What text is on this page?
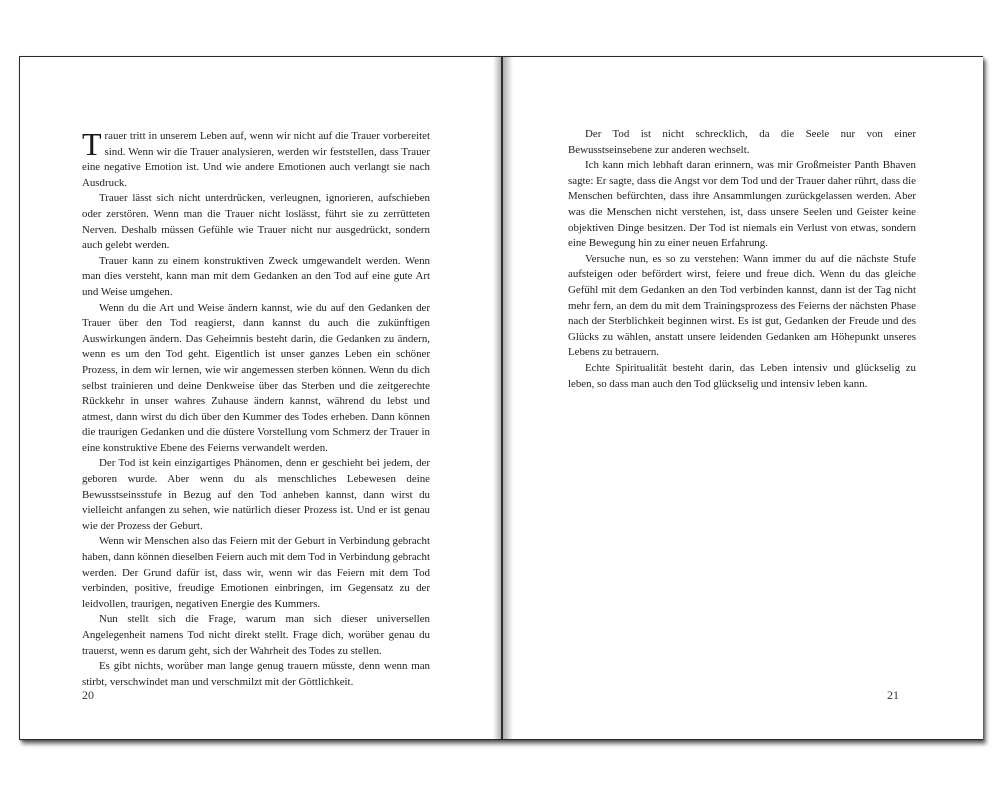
Trauer tritt in unserem Leben auf, wenn wir nicht auf die Trauer vorbereitet sind. Wenn wir die Trauer analysieren, werden wir feststellen, dass Trauer eine negative Emotion ist. Und wie andere Emotionen auch verlangt sie nach Ausdruck.

Trauer lässt sich nicht unterdrücken, verleugnen, ignorieren, aufschieben oder zerstören. Wenn man die Trauer nicht loslässt, führt sie zu zerrütteten Nerven. Deshalb müssen Gefühle wie Trauer nicht nur ausgedrückt, sondern auch gelebt werden.

Trauer kann zu einem konstruktiven Zweck umgewandelt werden. Wenn man dies versteht, kann man mit dem Gedanken an den Tod auf eine gute Art und Weise umgehen.

Wenn du die Art und Weise ändern kannst, wie du auf den Gedanken der Trauer über den Tod reagierst, dann kannst du auch die zukünftigen Auswirkungen ändern. Das Geheimnis besteht darin, die Gedanken zu ändern, wenn es um den Tod geht. Eigentlich ist unser ganzes Leben ein schöner Prozess, in dem wir lernen, wie wir angemessen sterben können. Wenn du dich selbst trainieren und deine Denkweise über das Sterben und die zeitgerechte Rückkehr in unser wahres Zuhause ändern kannst, während du lebst und atmest, dann wirst du dich über den Kummer des Todes erheben. Dann können die traurigen Gedanken und die düstere Vorstellung vom Schmerz der Trauer in eine konstruktive Ebene des Feierns verwandelt werden.

Der Tod ist kein einzigartiges Phänomen, denn er geschieht bei jedem, der geboren wurde. Aber wenn du als menschliches Lebewesen deine Bewusstseinsstufe in Bezug auf den Tod anheben kannst, dann wirst du vielleicht anfangen zu sehen, wie natürlich dieser Prozess ist. Und er ist genau wie der Prozess der Geburt.

Wenn wir Menschen also das Feiern mit der Geburt in Verbindung gebracht haben, dann können dieselben Feiern auch mit dem Tod in Verbindung gebracht werden. Der Grund dafür ist, dass wir, wenn wir das Feiern mit dem Tod verbinden, positive, freudige Emotionen einbringen, im Gegensatz zu der leidvollen, traurigen, negativen Energie des Kummers.

Nun stellt sich die Frage, warum man sich dieser universellen Angelegenheit namens Tod nicht direkt stellt. Frage dich, worüber genau du trauerst, wenn es darum geht, sich der Wahrheit des Todes zu stellen.

Es gibt nichts, worüber man lange genug trauern müsste, denn wenn man stirbt, verschwindet man und verschmilzt mit der Göttlichkeit.

20

Der Tod ist nicht schrecklich, da die Seele nur von einer Bewusstseinsebene zur anderen wechselt.

Ich kann mich lebhaft daran erinnern, was mir Großmeister Panth Bhaven sagte: Er sagte, dass die Angst vor dem Tod und der Trauer daher rührt, dass die Menschen befürchten, dass ihre Ansammlungen zurückgelassen werden. Aber was die Menschen nicht verstehen, ist, dass unsere Seelen und Geister keine objektiven Dinge besitzen. Der Tod ist niemals ein Verlust von etwas, sondern eine Bewegung hin zu einer neuen Erfahrung.

Versuche nun, es so zu verstehen: Wann immer du auf die nächste Stufe aufsteigen oder befördert wirst, feiere und freue dich. Wenn du das gleiche Gefühl mit dem Gedanken an den Tod verbinden kannst, dann ist der Tag nicht mehr fern, an dem du mit dem Trainingsprozess des Feierns der nächsten Phase nach der Sterblichkeit beginnen wirst. Es ist gut, Gedanken der Freude und des Glücks zu wählen, anstatt unsere leidenden Gedanken am Höhepunkt unseres Lebens zu betrauern.

Echte Spiritualität besteht darin, das Leben intensiv und glückselig zu leben, so dass man auch den Tod glückselig und intensiv leben kann.

21
